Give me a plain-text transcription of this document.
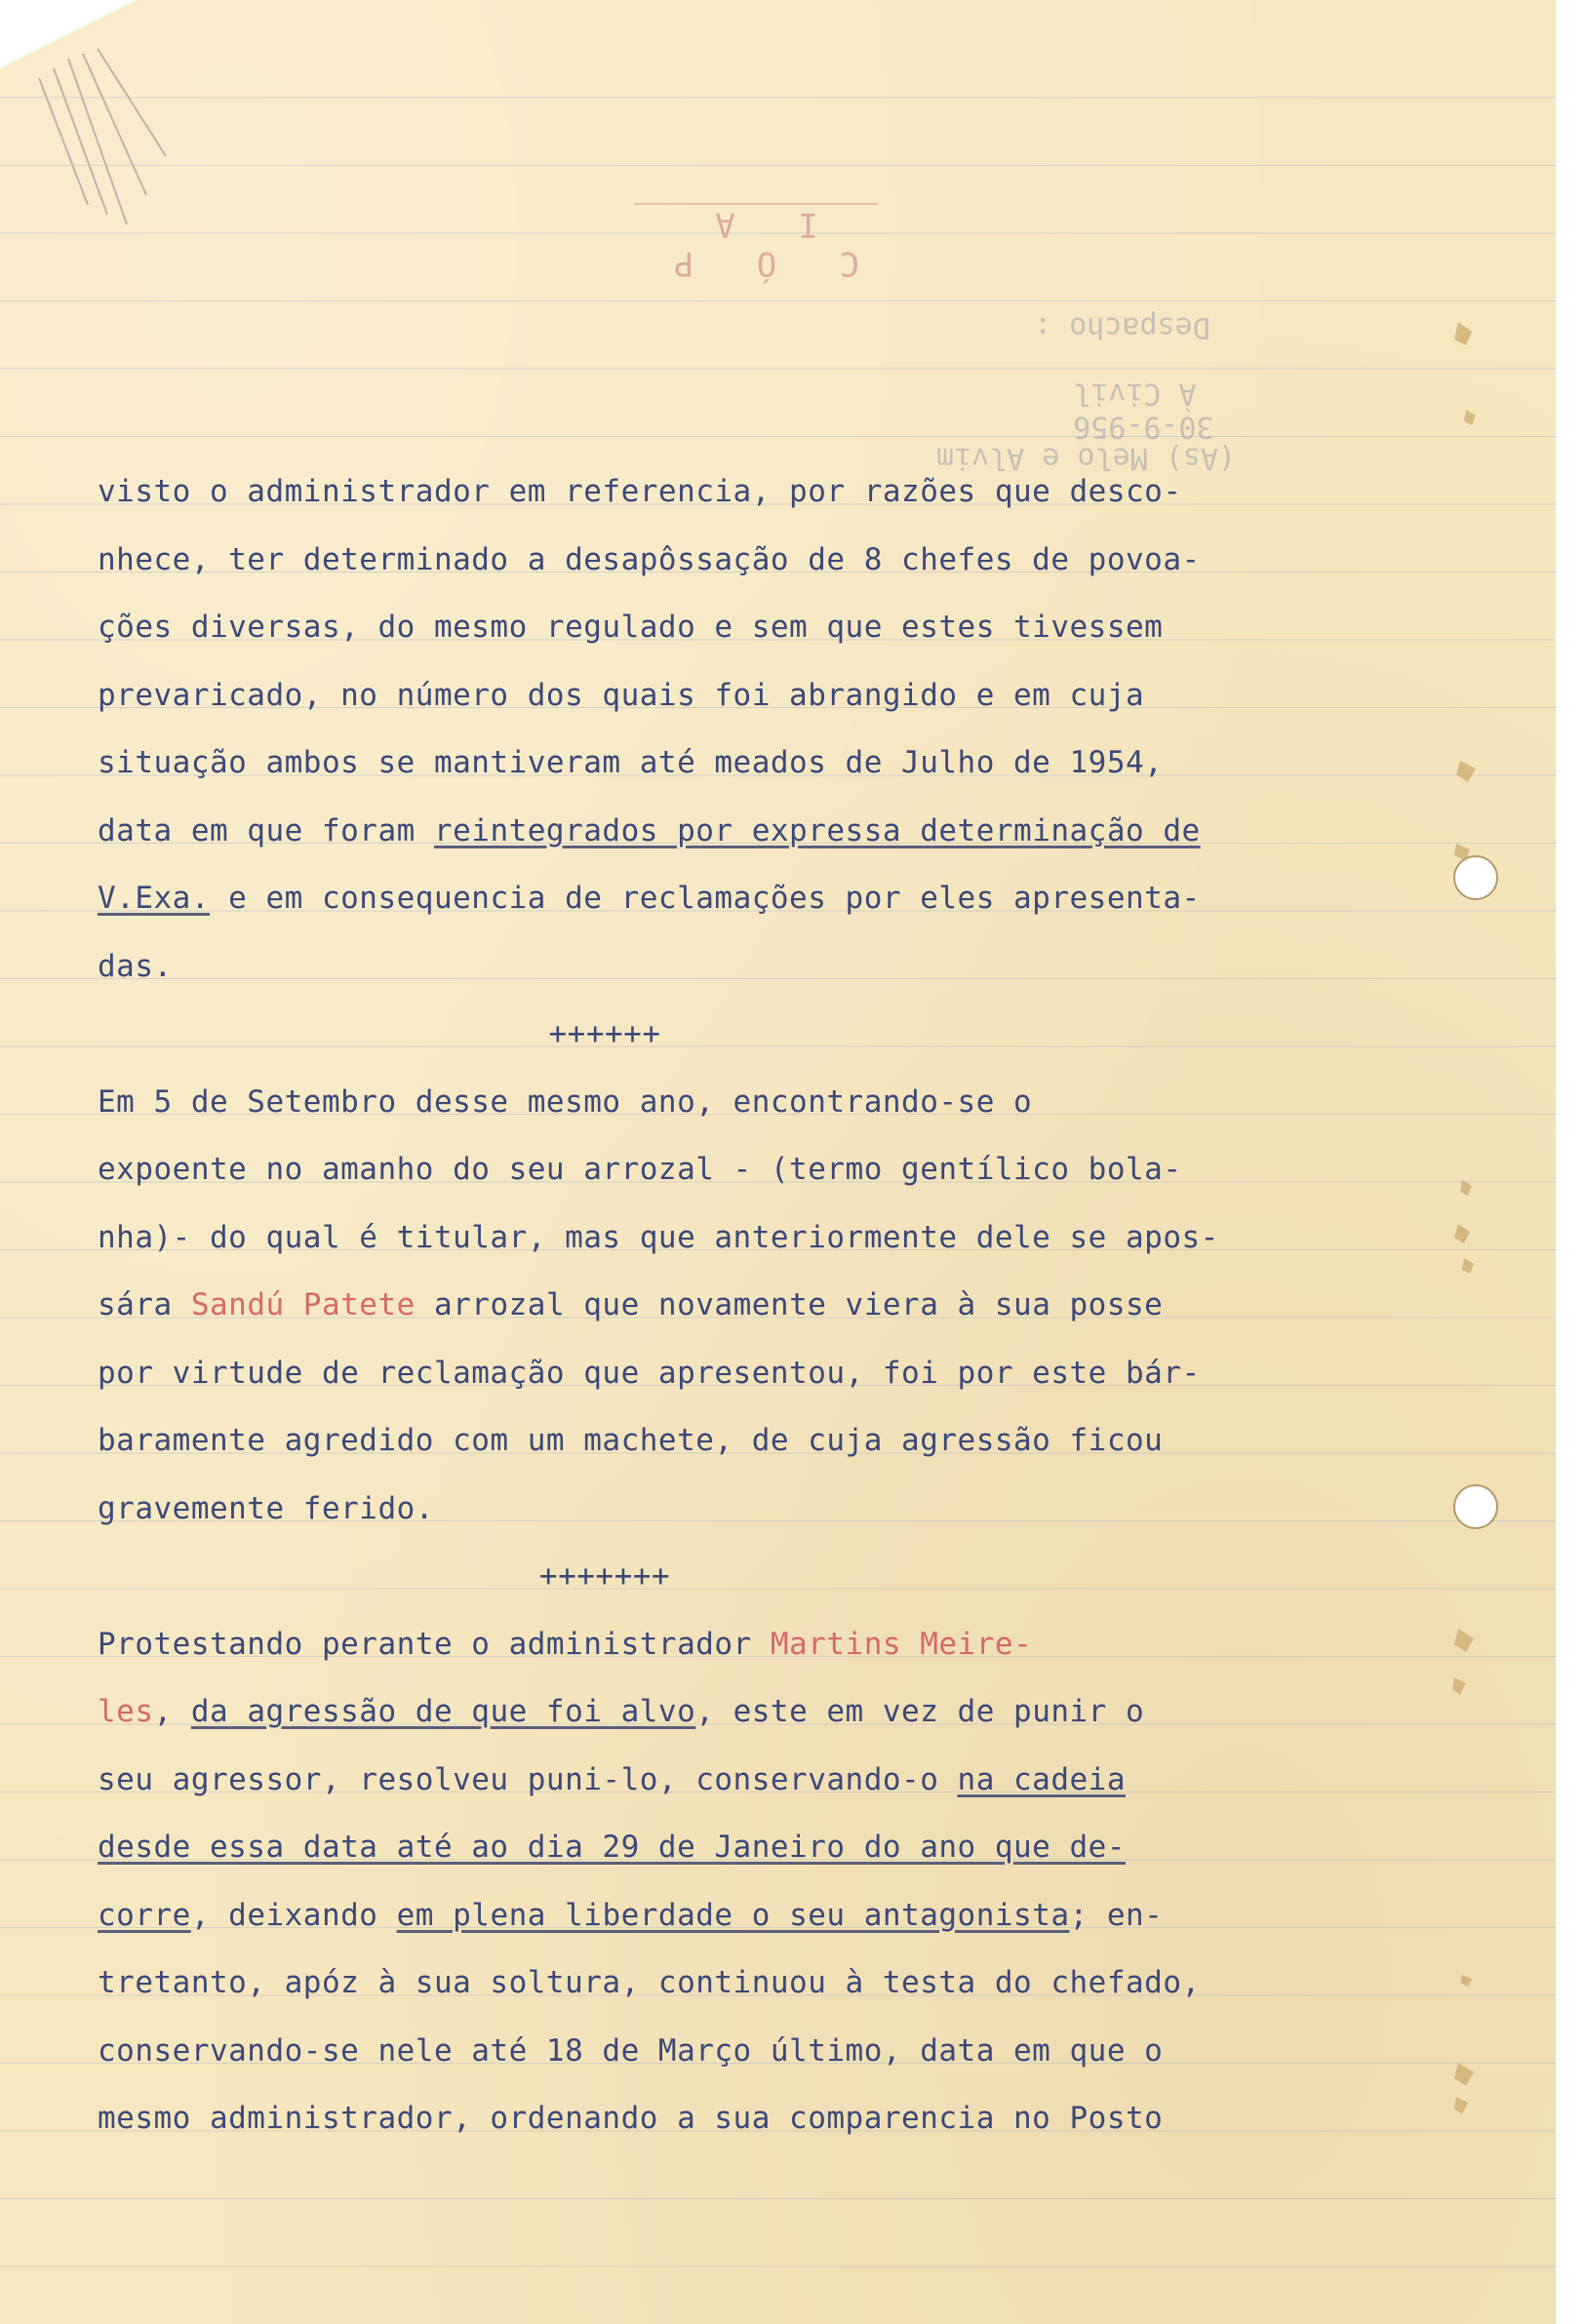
C Ó P I A
Despacho :
À Civil
30-9-956
(As) Melo e Alvim
visto o administrador em referencia, por razões que desco-
nhece, ter determinado a desapôssação de 8 chefes de povoa-
ções diversas, do mesmo regulado e sem que estes tivessem
prevaricado, no número dos quais foi abrangido e em cuja
situação ambos se mantiveram até meados de Julho de 1954,
data em que foram reintegrados por expressa determinação de
V.Exa. e em consequencia de reclamações por eles apresenta-
das.
++++++
Em 5 de Setembro desse mesmo ano, encontrando-se o
expoente no amanho do seu arrozal - (termo gentílico bola-
nha)- do qual é titular, mas que anteriormente dele se apos-
sára Sandú Patete arrozal que novamente viera à sua posse
por virtude de reclamação que apresentou, foi por este bár-
baramente agredido com um machete, de cuja agressão ficou
gravemente ferido.
+++++++
Protestando perante o administrador Martins Meire-
les, da agressão de que foi alvo, este em vez de punir o
seu agressor, resolveu puni-lo, conservando-o na cadeia
desde essa data até ao dia 29 de Janeiro do ano que de-
corre, deixando em plena liberdade o seu antagonista; en-
tretanto, apóz à sua soltura, continuou à testa do chefado,
conservando-se nele até 18 de Março último, data em que o
mesmo administrador, ordenando a sua comparencia no Posto
